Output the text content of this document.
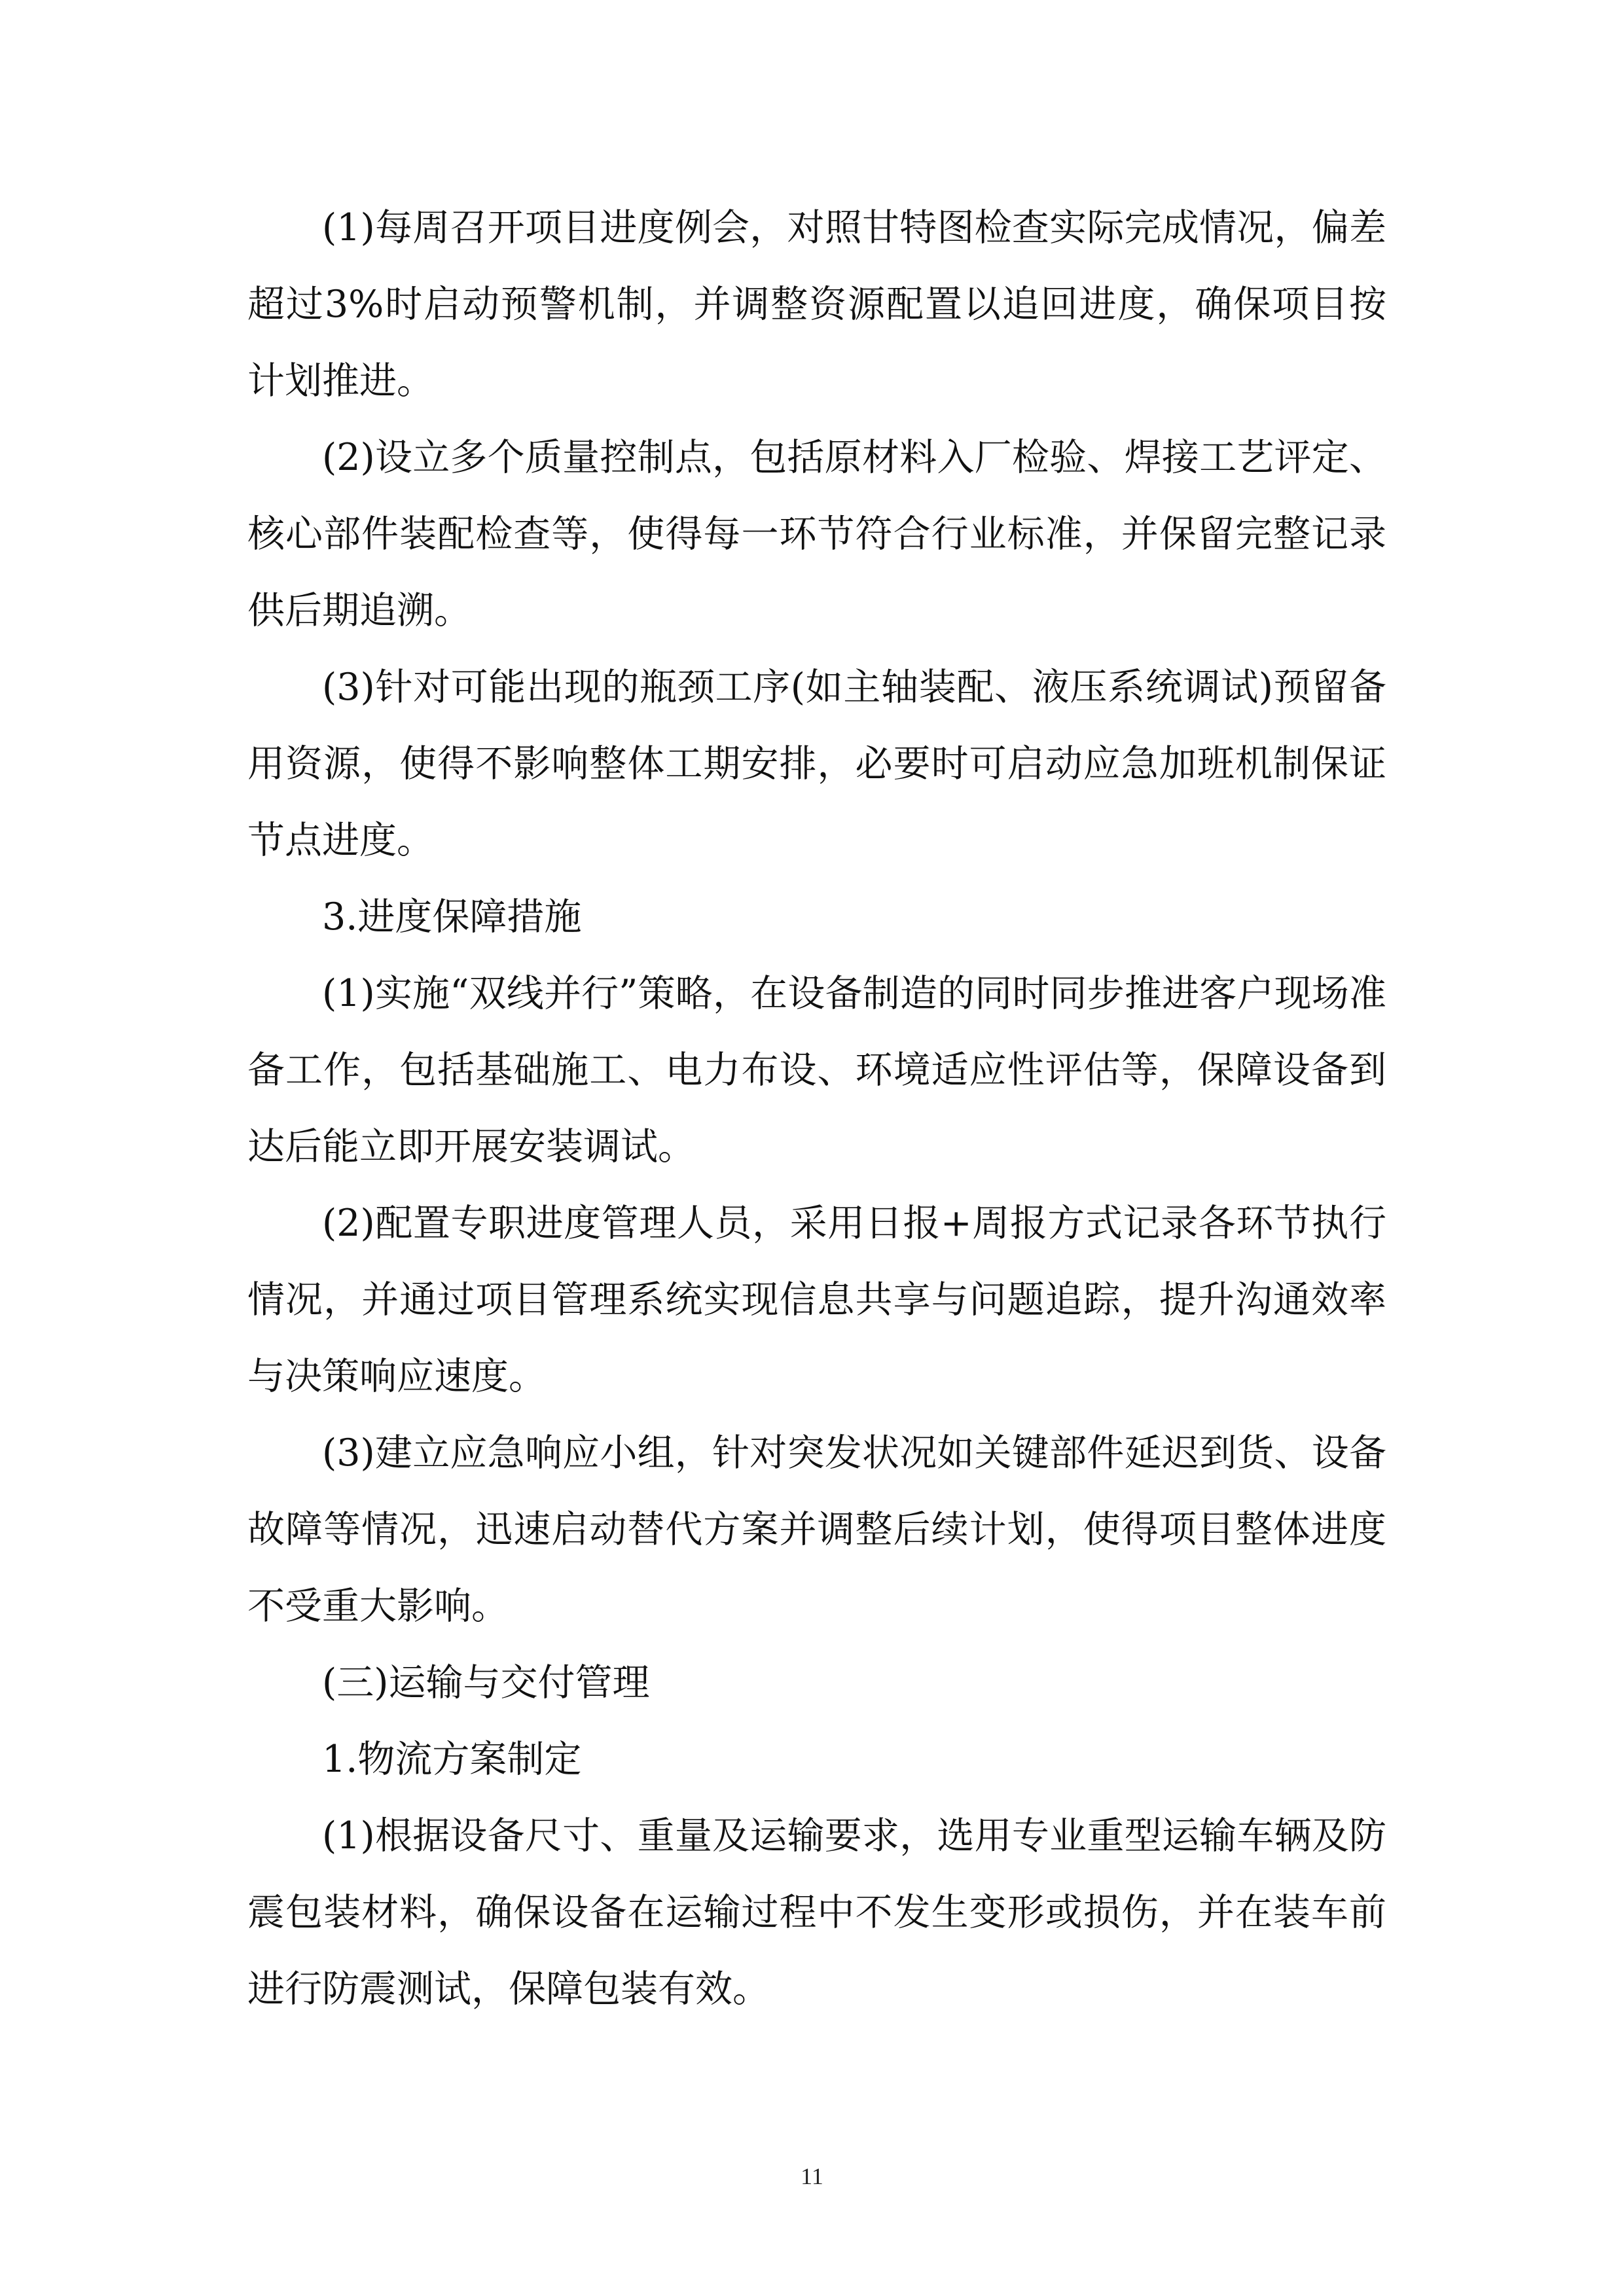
(1)每周召开项目进度例会，对照甘特图检查实际完成情况，偏差超过3%时启动预警机制，并调整资源配置以追回进度，确保项目按计划推进。

(2)设立多个质量控制点，包括原材料入厂检验、焊接工艺评定、核心部件装配检查等，使得每一环节符合行业标准，并保留完整记录供后期追溯。

(3)针对可能出现的瓶颈工序(如主轴装配、液压系统调试)预留备用资源，使得不影响整体工期安排，必要时可启动应急加班机制保证节点进度。

3.进度保障措施

(1)实施“双线并行”策略，在设备制造的同时同步推进客户现场准备工作，包括基础施工、电力布设、环境适应性评估等，保障设备到达后能立即开展安装调试。

(2)配置专职进度管理人员，采用日报+周报方式记录各环节执行情况，并通过项目管理系统实现信息共享与问题追踪，提升沟通效率与决策响应速度。

(3)建立应急响应小组，针对突发状况如关键部件延迟到货、设备故障等情况，迅速启动替代方案并调整后续计划，使得项目整体进度不受重大影响。

(三)运输与交付管理

1.物流方案制定

(1)根据设备尺寸、重量及运输要求，选用专业重型运输车辆及防震包装材料，确保设备在运输过程中不发生变形或损伤，并在装车前进行防震测试，保障包装有效。

11
